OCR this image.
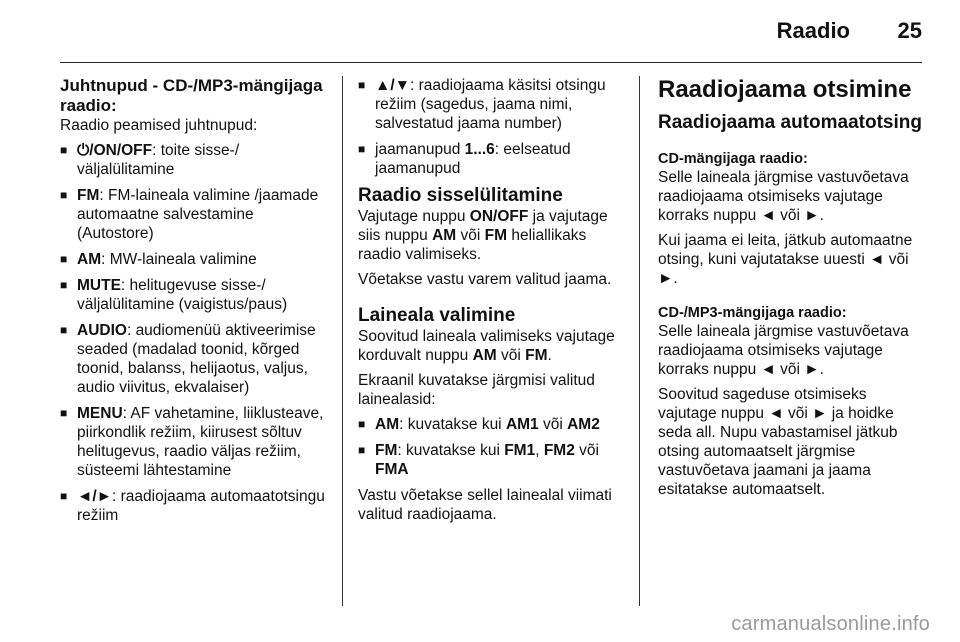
Raadio 25
Juhtnupud - CD-/MP3-mängijaga raadio:

Raadio peamised juhtnupud:

■ ⏻/ON/OFF: toite sisse-/ väljalülitamine
■ FM: FM-laineala valimine /jaamade automaatne salvestamine (Autostore)
■ AM: MW-laineala valimine
■ MUTE: helitugevuse sisse-/ väljalülitamine (vaigistus/paus)
■ AUDIO: audiomenüü aktiveerimise seaded (madalad toonid, kõrged toonid, balanss, helijaotus, valjus, audio viivitus, ekvalaiser)
■ MENU: AF vahetamine, liiklusteave, piirkondlik režiim, kiirusest sõltuv helitugevus, raadio väljas režiim, süsteemi lähtestamine
■ ◄/►: raadiojaama automaatotsingu režiim
■ ▲/▼: raadiojaama käsitsi otsingu režiim (sagedus, jaama nimi, salvestatud jaama number)
■ jaamanupud 1...6: eelseatud jaamanupud
Raadio sisselülitamine

Vajutage nuppu ON/OFF ja vajutage siis nuppu AM või FM heliallikaks raadio valimiseks.

Võetakse vastu varem valitud jaama.

Laineala valimine

Soovitud laineala valimiseks vajutage korduvalt nuppu AM või FM.

Ekraanil kuvatakse järgmisi valitud lainealasid:

■ AM: kuvatakse kui AM1 või AM2
■ FM: kuvatakse kui FM1, FM2 või FMA

Vastu võetakse sellel lainealal viimati valitud raadiojaama.

Raadiojaama otsimine
Raadiojaama automaatotsing
CD-mängijaga raadio:

Selle laineala järgmise vastuvõetava raadiojaama otsimiseks vajutage korraks nuppu ◄ või ►.

Kui jaama ei leita, jätkub automaatne otsing, kuni vajutatakse uuesti ◄ või ►.

CD-/MP3-mängijaga raadio:

Selle laineala järgmise vastuvõetava raadiojaama otsimiseks vajutage korraks nuppu ◄ või ►.

Soovitud sageduse otsimiseks vajutage nuppu ◄ või ► ja hoidke seda all. Nupu vabastamisel jätkub otsing automaatselt järgmise vastuvõetava jaamani ja jaama esitatakse automaatselt.

carmanualsonline.info
